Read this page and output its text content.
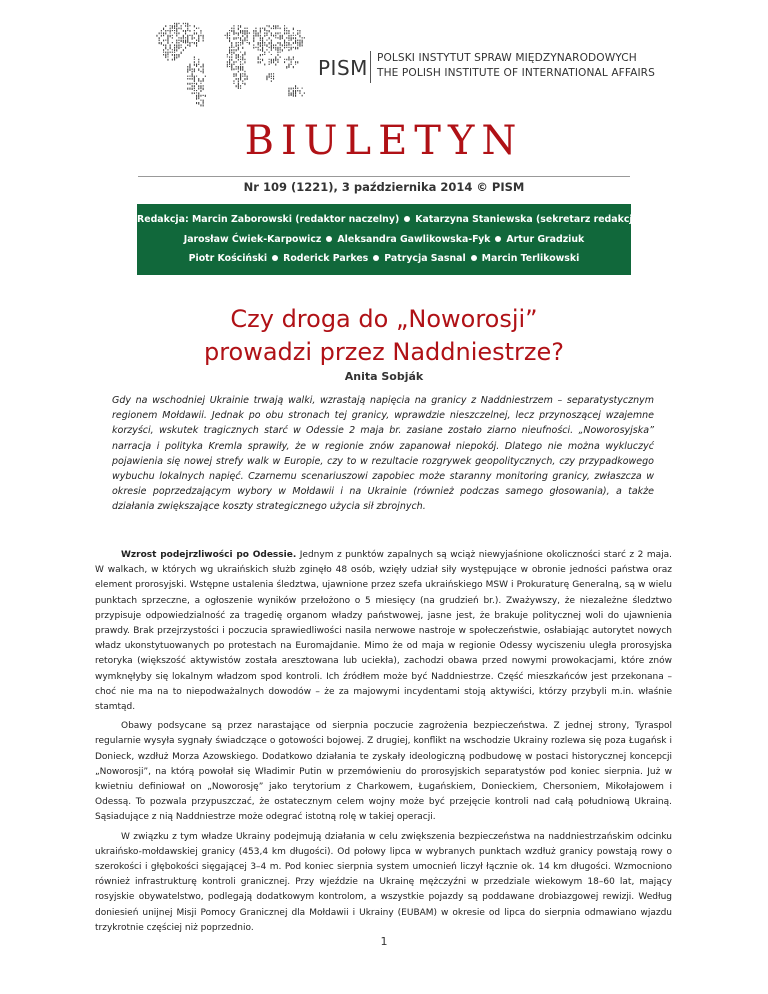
PISM POLSKI INSTYTUT SPRAW MIĘDZYNARODOWYCH
THE POLISH INSTITUTE OF INTERNATIONAL AFFAIRS
BIULETYN
Nr 109 (1221), 3 października 2014 © PISM
Redakcja: Marcin Zaborowski (redaktor naczelny) Katarzyna Staniewska (sekretarz redakcji)
Jarosław Ćwiek-Karpowicz Aleksandra Gawlikowska-Fyk Artur Gradziuk
Piotr Kościński Roderick Parkes Patrycja Sasnal Marcin Terlikowski
Czy droga do „Noworosji”
prowadzi przez Naddniestrze?
Anita Sobják
Gdy na wschodniej Ukrainie trwają walki, wzrastają napięcia na granicy z Naddniestrzem – separatystycznym regionem Mołdawii. Jednak po obu stronach tej granicy, wprawdzie nieszczelnej, lecz przynoszącej wzajemne korzyści, wskutek tragicznych starć w Odessie 2 maja br. zasiane zostało ziarno nieufności. „Noworosyjska” narracja i polityka Kremla sprawiły, że w regionie znów zapanował niepokój. Dlatego nie można wykluczyć pojawienia się nowej strefy walk w Europie, czy to w rezultacie rozgrywek geopolitycznych, czy przypadkowego wybuchu lokalnych napięć. Czarnemu scenariuszowi zapobiec może staranny monitoring granicy, zwłaszcza w okresie poprzedzającym wybory w Mołdawii i na Ukrainie (również podczas samego głosowania), a także działania zwiększające koszty strategicznego użycia sił zbrojnych.

Wzrost podejrzliwości po Odessie. Jednym z punktów zapalnych są wciąż niewyjaśnione okoliczności starć z 2 maja. W walkach, w których wg ukraińskich służb zginęło 48 osób, wzięły udział siły występujące w obronie jedności państwa oraz element prorosyjski. Wstępne ustalenia śledztwa, ujawnione przez szefa ukraińskiego MSW i Prokuraturę Generalną, są w wielu punktach sprzeczne, a ogłoszenie wyników przełożono o 5 miesięcy (na grudzień br.). Zważywszy, że niezależne śledztwo przypisuje odpowiedzialność za tragedię organom władzy państwowej, jasne jest, że brakuje politycznej woli do ujawnienia prawdy. Brak przejrzystości i poczucia sprawiedliwości nasila nerwowe nastroje w społeczeństwie, osłabiając autorytet nowych władz ukonstytuowanych po protestach na Euromajdanie. Mimo że od maja w regionie Odessy wyciszeniu uległa prorosyjska retoryka (większość aktywistów została aresztowana lub uciekła), zachodzi obawa przed nowymi prowokacjami, które znów wymknęłyby się lokalnym władzom spod kontroli. Ich źródłem może być Naddniestrze. Część mieszkańców jest przekonana – choć nie ma na to niepodważalnych dowodów – że za majowymi incydentami stoją aktywiści, którzy przybyli m.in. właśnie stamtąd.

Obawy podsycane są przez narastające od sierpnia poczucie zagrożenia bezpieczeństwa. Z jednej strony, Tyraspol regularnie wysyła sygnały świadczące o gotowości bojowej. Z drugiej, konflikt na wschodzie Ukrainy rozlewa się poza Ługańsk i Donieck, wzdłuż Morza Azowskiego. Dodatkowo działania te zyskały ideologiczną podbudowę w postaci historycznej koncepcji „Noworosji”, na którą powołał się Władimir Putin w przemówieniu do prorosyjskich separatystów pod koniec sierpnia. Już w kwietniu definiował on „Noworosję” jako terytorium z Charkowem, Ługańskiem, Donieckiem, Chersoniem, Mikołajowem i Odessą. To pozwala przypuszczać, że ostatecznym celem wojny może być przejęcie kontroli nad całą południową Ukrainą. Sąsiadujące z nią Naddniestrze może odegrać istotną rolę w takiej operacji.

W związku z tym władze Ukrainy podejmują działania w celu zwiększenia bezpieczeństwa na naddniestrzańskim odcinku ukraińsko-mołdawskiej granicy (453,4 km długości). Od połowy lipca w wybranych punktach wzdłuż granicy powstają rowy o szerokości i głębokości sięgającej 3–4 m. Pod koniec sierpnia system umocnień liczył łącznie ok. 14 km długości. Wzmocniono również infrastrukturę kontroli granicznej. Przy wjeździe na Ukrainę mężczyźni w przedziale wiekowym 18–60 lat, mający rosyjskie obywatelstwo, podlegają dodatkowym kontrolom, a wszystkie pojazdy są poddawane drobiazgowej rewizji. Według doniesień unijnej Misji Pomocy Granicznej dla Mołdawii i Ukrainy (EUBAM) w okresie od lipca do sierpnia odmawiano wjazdu trzykrotnie częściej niż poprzednio.

1
